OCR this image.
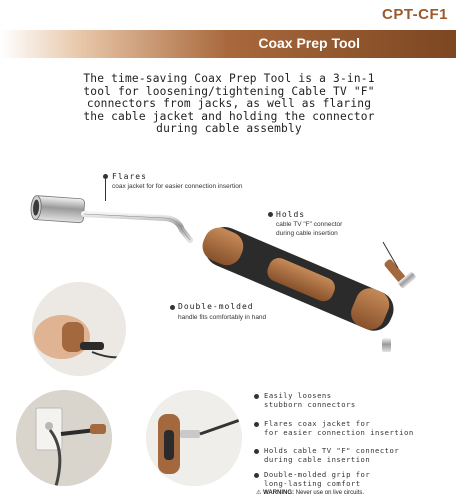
CPT-CF1
Coax Prep Tool
The time-saving Coax Prep Tool is a 3-in-1
tool for loosening/tightening Cable TV "F"
connectors from jacks, as well as flaring
the cable jacket and holding the connector
during cable assembly
Flares
coax jacket for for easier connection insertion
Holds
cable TV "F" connector
during cable insertion
Double-molded
handle fits comfortably in hand
Easily loosens
stubborn connectors
Flares coax jacket for
for easier connection insertion
Holds cable TV "F" connector
during cable insertion
Double-molded grip for
long-lasting comfort
⚠ WARNING: Never use on live circuits.
